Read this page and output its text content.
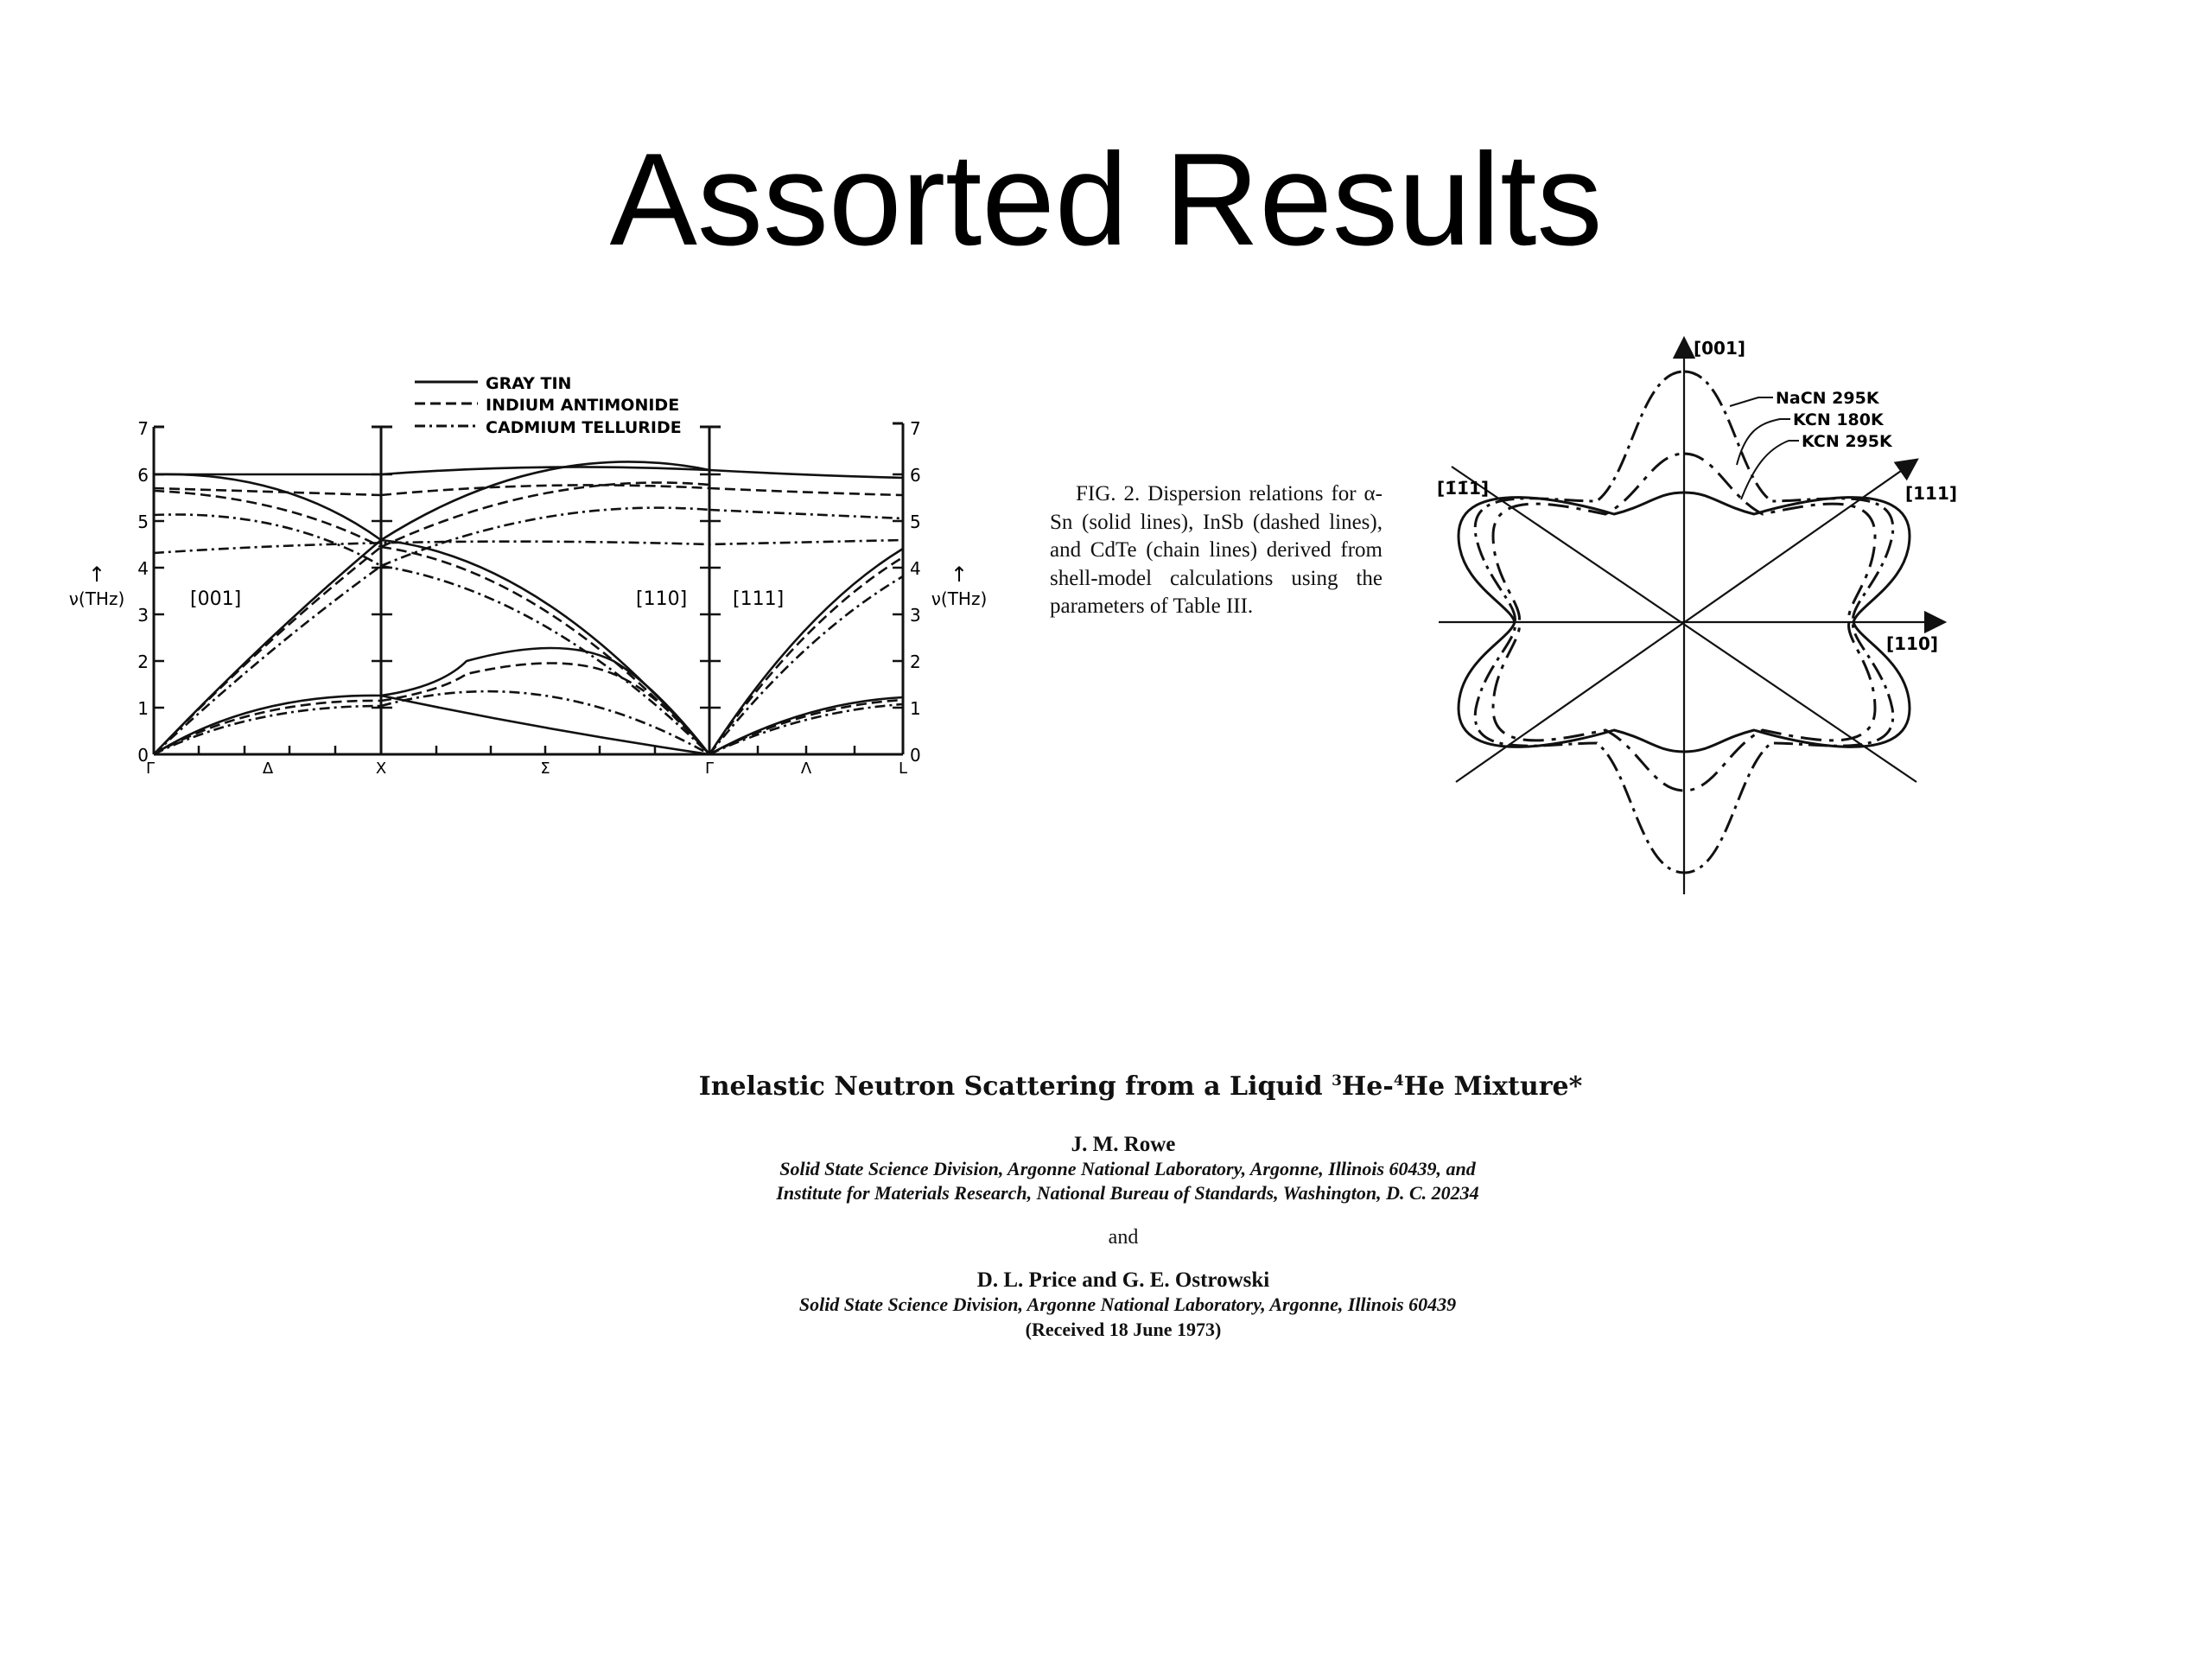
Assorted Results
GRAY TIN
INDIUM ANTIMONIDE
CADMIUM TELLURIDE
0
1
2
3
4
5
6
7
0
1
2
3
4
5
6
7
↑
ν(THz)
↑
ν(THz)
[001]	[110] [111]
Γ	Δ	X	Σ	Γ	Λ	L
FIG. 2. Dispersion relations for α-Sn (solid lines), InSb (dashed lines), and CdTe (chain lines) derived from shell-model calculations using the parameters of Table III.
[001]
[1̄1̄1]	[111]
[110]
NaCN 295K
KCN 180K
KCN 295K
Inelastic Neutron Scattering from a Liquid $^3$He-$^4$He Mixture*
J. M. Rowe
Solid State Science Division, Argonne National Laboratory, Argonne, Illinois 60439, and
Institute for Materials Research, National Bureau of Standards, Washington, D. C. 20234
and
D. L. Price and G. E. Ostrowski
Solid State Science Division, Argonne National Laboratory, Argonne, Illinois 60439
(Received 18 June 1973)
